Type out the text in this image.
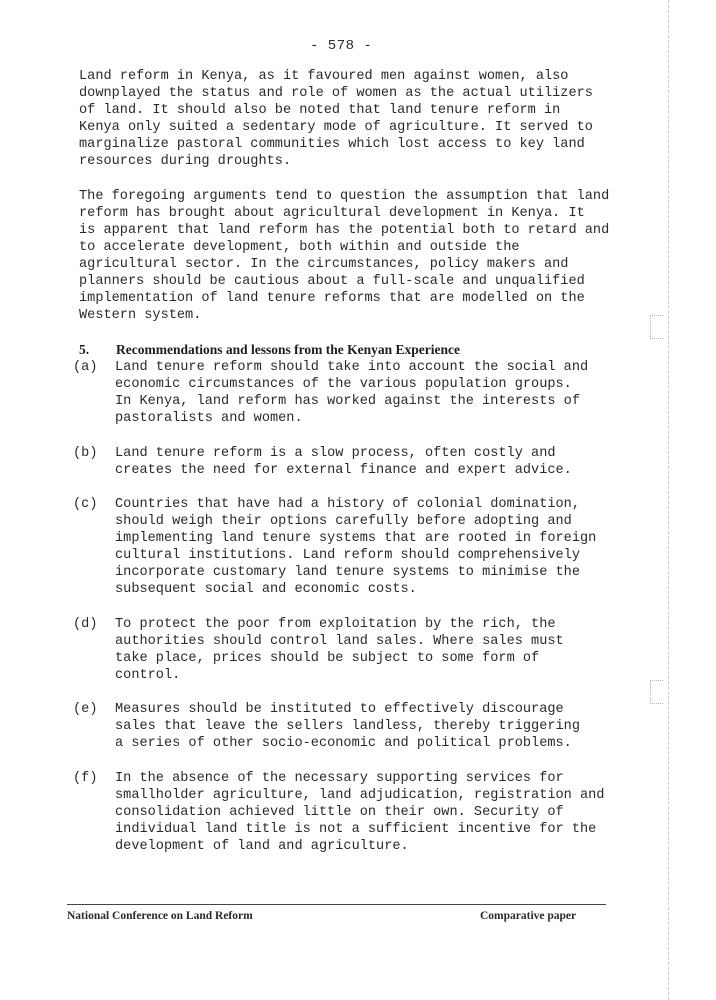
- 578 -
Land reform in Kenya, as it favoured men against women, also
downplayed the status and role of women as the actual utilizers
of land. It should also be noted that land tenure reform in
Kenya only suited a sedentary mode of agriculture. It served to
marginalize pastoral communities which lost access to key land
resources during droughts.
The foregoing arguments tend to question the assumption that land
reform has brought about agricultural development in Kenya. It
is apparent that land reform has the potential both to retard and
to accelerate development, both within and outside the
agricultural sector. In the circumstances, policy makers and
planners should be cautious about a full-scale and unqualified
implementation of land tenure reforms that are modelled on the
Western system.
5. Recommendations and lessons from the Kenyan Experience
(a) Land tenure reform should take into account the social and
economic circumstances of the various population groups.
In Kenya, land reform has worked against the interests of
pastoralists and women.
(b) Land tenure reform is a slow process, often costly and
creates the need for external finance and expert advice.
(c) Countries that have had a history of colonial domination,
should weigh their options carefully before adopting and
implementing land tenure systems that are rooted in foreign
cultural institutions. Land reform should comprehensively
incorporate customary land tenure systems to minimise the
subsequent social and economic costs.
(d) To protect the poor from exploitation by the rich, the
authorities should control land sales. Where sales must
take place, prices should be subject to some form of
control.
(e) Measures should be instituted to effectively discourage
sales that leave the sellers landless, thereby triggering
a series of other socio-economic and political problems.
(f) In the absence of the necessary supporting services for
smallholder agriculture, land adjudication, registration and
consolidation achieved little on their own. Security of
individual land title is not a sufficient incentive for the
development of land and agriculture.
National Conference on Land Reform	Comparative paper
